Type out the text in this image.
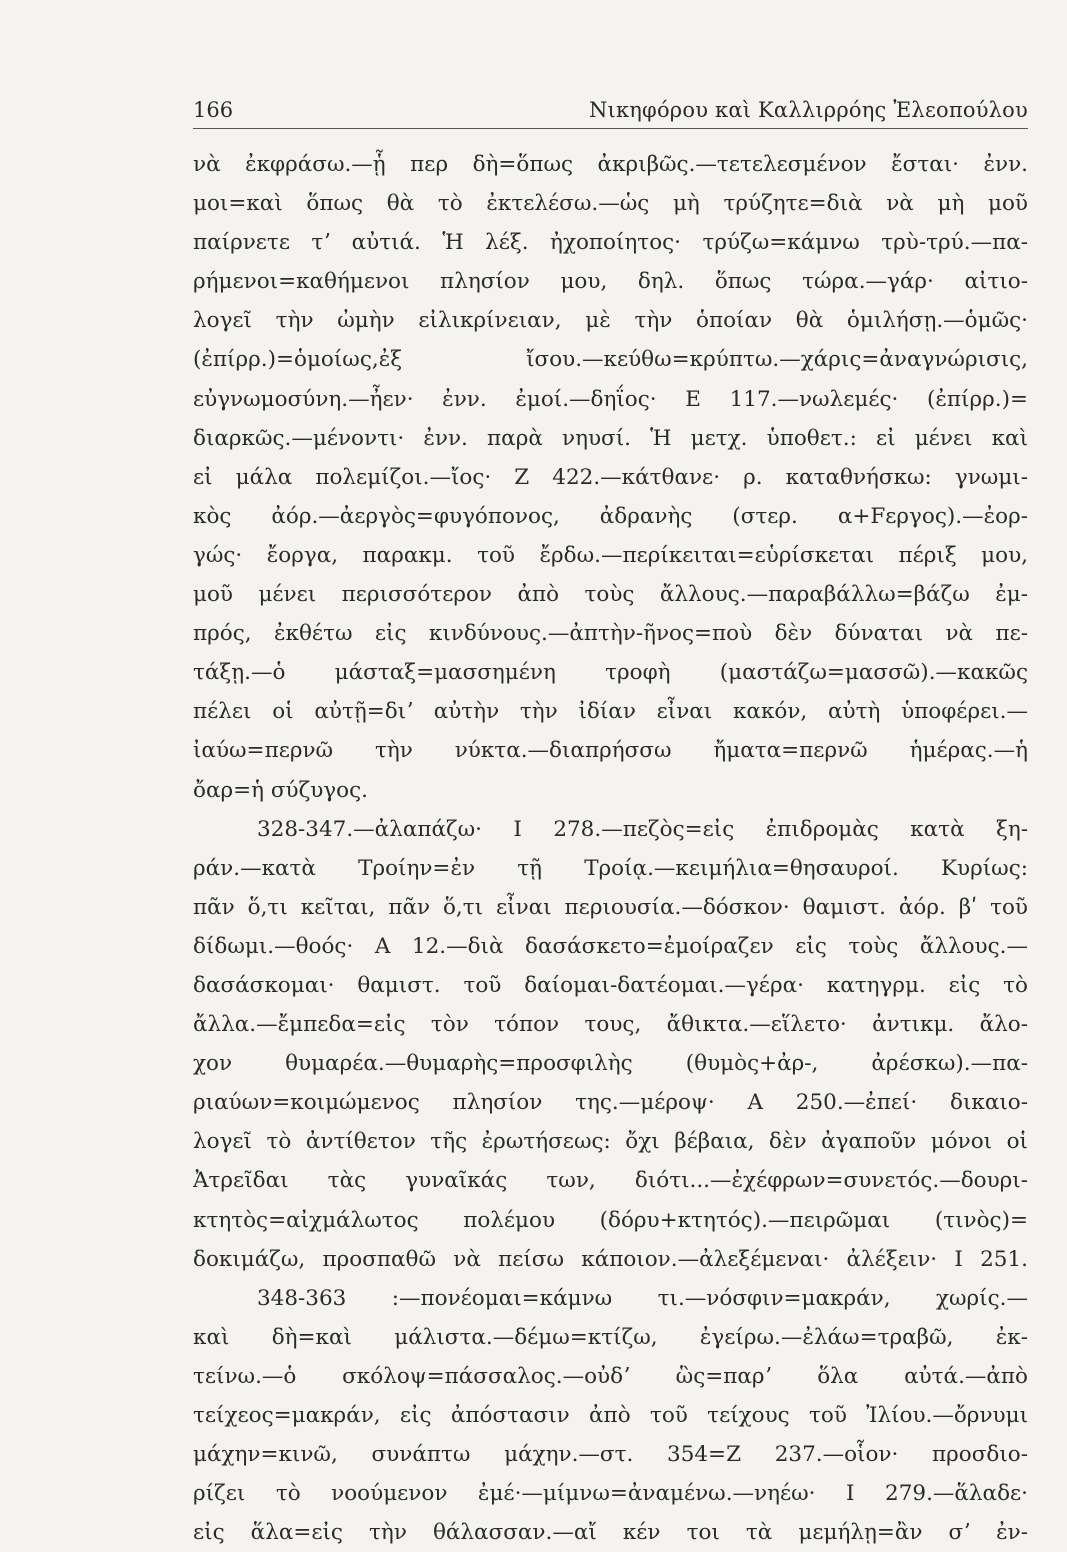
166	Νικηφόρου καὶ Καλλιρρόης Ἐλεοπούλου
νὰ ἐκφράσω.—ᾗ περ δὴ=ὅπως ἀκριβῶς.—τετελεσμένον ἔσται· ἐνν.
μοι=καὶ ὅπως θὰ τὸ ἐκτελέσω.—ὡς μὴ τρύζητε=διὰ νὰ μὴ μοῦ
παίρνετε τʼ αὐτιά. Ἡ λέξ. ἠχοποίητος· τρύζω=κάμνω τρὺ-τρύ.—πα-
ρήμενοι=καθήμενοι πλησίον μου, δηλ. ὅπως τώρα.—γάρ· αἰτιο-
λογεῖ τὴν ὠμὴν εἰλικρίνειαν, μὲ τὴν ὁποίαν θὰ ὁμιλήσῃ.—ὁμῶς·
(ἐπίρρ.)=ὁμοίως,ἐξ ἴσου.—κεύθω=κρύπτω.—χάρις=ἀναγνώρισις,
εὐγνωμοσύνη.—ἦεν· ἐνν. ἐμοί.—δηΐος· Ε 117.—νωλεμές· (ἐπίρρ.)=
διαρκῶς.—μένοντι· ἐνν. παρὰ νηυσί. Ἡ μετχ. ὑποθετ.: εἰ μένει καὶ
εἰ μάλα πολεμίζοι.—ἴος· Ζ 422.—κάτθανε· ρ. καταθνήσκω: γνωμι-
κὸς ἀόρ.—ἀεργὸς=φυγόπονος, ἀδρανὴς (στερ. α+Fεργος).—ἐορ-
γώς· ἔοργα, παρακμ. τοῦ ἔρδω.—περίκειται=εὑρίσκεται πέριξ μου,
μοῦ μένει περισσότερον ἀπὸ τοὺς ἄλλους.—παραβάλλω=βάζω ἐμ-
πρός, ἐκθέτω εἰς κινδύνους.—ἀπτὴν-ῆνος=ποὺ δὲν δύναται νὰ πε-
τάξῃ.—ὁ μάσταξ=μασσημένη τροφὴ (μαστάζω=μασσῶ).—κακῶς
πέλει οἱ αὐτῇ=διʼ αὐτὴν τὴν ἰδίαν εἶναι κακόν, αὐτὴ ὑποφέρει.—
ἰαύω=περνῶ τὴν νύκτα.—διαπρήσσω ἤματα=περνῶ ἡμέρας.—ἡ
ὄαρ=ἡ σύζυγος.
328-347.—ἀλαπάζω· Ι 278.—πεζὸς=εἰς ἐπιδρομὰς κατὰ ξη-
ράν.—κατὰ Τροίην=ἐν τῇ Τροίᾳ.—κειμήλια=θησαυροί. Κυρίως:
πᾶν ὅ,τι κεῖται, πᾶν ὅ,τι εἶναι περιουσία.—δόσκον· θαμιστ. ἀόρ. βʹ τοῦ
δίδωμι.—θοός· Α 12.—διὰ δασάσκετο=ἐμοίραζεν εἰς τοὺς ἄλλους.—
δασάσκομαι· θαμιστ. τοῦ δαίομαι-δατέομαι.—γέρα· κατηγρμ. εἰς τὸ
ἄλλα.—ἔμπεδα=εἰς τὸν τόπον τους, ἄθικτα.—εἵλετο· ἀντικμ. ἄλο-
χον θυμαρέα.—θυμαρὴς=προσφιλὴς (θυμὸς+ἀρ-, ἀρέσκω).—πα-
ριαύων=κοιμώμενος πλησίον της.—μέροψ· Α 250.—ἐπεί· δικαιο-
λογεῖ τὸ ἀντίθετον τῆς ἐρωτήσεως: ὄχι βέβαια, δὲν ἀγαποῦν μόνοι οἱ
Ἀτρεῖδαι τὰς γυναῖκάς των, διότι...—ἐχέφρων=συνετός.—δουρι-
κτητὸς=αἰχμάλωτος πολέμου (δόρυ+κτητός).—πειρῶμαι (τινὸς)=
δοκιμάζω, προσπαθῶ νὰ πείσω κάποιον.—ἀλεξέμεναι· ἀλέξειν· Ι 251.
348-363 :—πονέομαι=κάμνω τι.—νόσφιν=μακράν, χωρίς.—
καὶ δὴ=καὶ μάλιστα.—δέμω=κτίζω, ἐγείρω.—ἐλάω=τραβῶ, ἐκ-
τείνω.—ὁ σκόλοψ=πάσσαλος.—οὐδʼ ὣς=παρʼ ὅλα αὐτά.—ἀπὸ
τείχεος=μακράν, εἰς ἀπόστασιν ἀπὸ τοῦ τείχους τοῦ Ἰλίου.—ὄρνυμι
μάχην=κινῶ, συνάπτω μάχην.—στ. 354=Ζ 237.—οἷον· προσδιο-
ρίζει τὸ νοούμενον ἐμέ·—μίμνω=ἀναμένω.—νηέω· Ι 279.—ἅλαδε·
εἰς ἅλα=εἰς τὴν θάλασσαν.—αἴ κέν τοι τὰ μεμήλῃ=ἂν σʼ ἐν-
